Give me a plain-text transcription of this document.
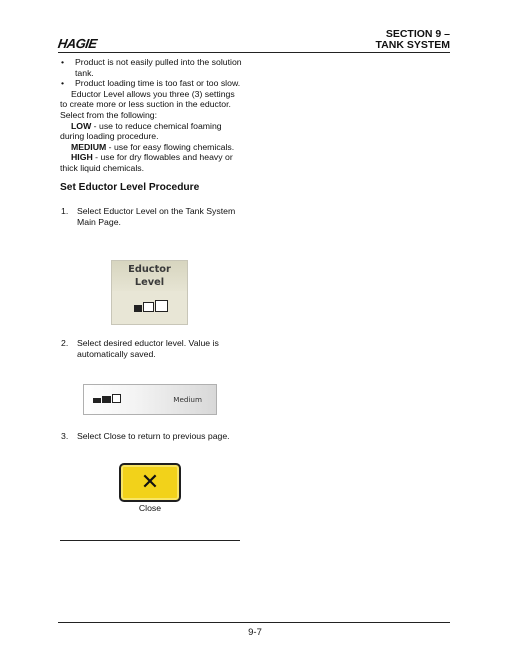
HAGIE
SECTION 9 –
TANK SYSTEM
• Product is not easily pulled into the solution tank.
• Product loading time is too fast or too slow.
Eductor Level allows you three (3) settings to create more or less suction in the eductor. Select from the following:
LOW - use to reduce chemical foaming during loading procedure.
MEDIUM - use for easy flowing chemicals.
HIGH - use for dry flowables and heavy or thick liquid chemicals.
Set Eductor Level Procedure
1. Select Eductor Level on the Tank System Main Page.
2. Select desired eductor level. Value is automatically saved.
3. Select Close to return to previous page.
Eductor
Level
Medium
✕
Close
9-7
